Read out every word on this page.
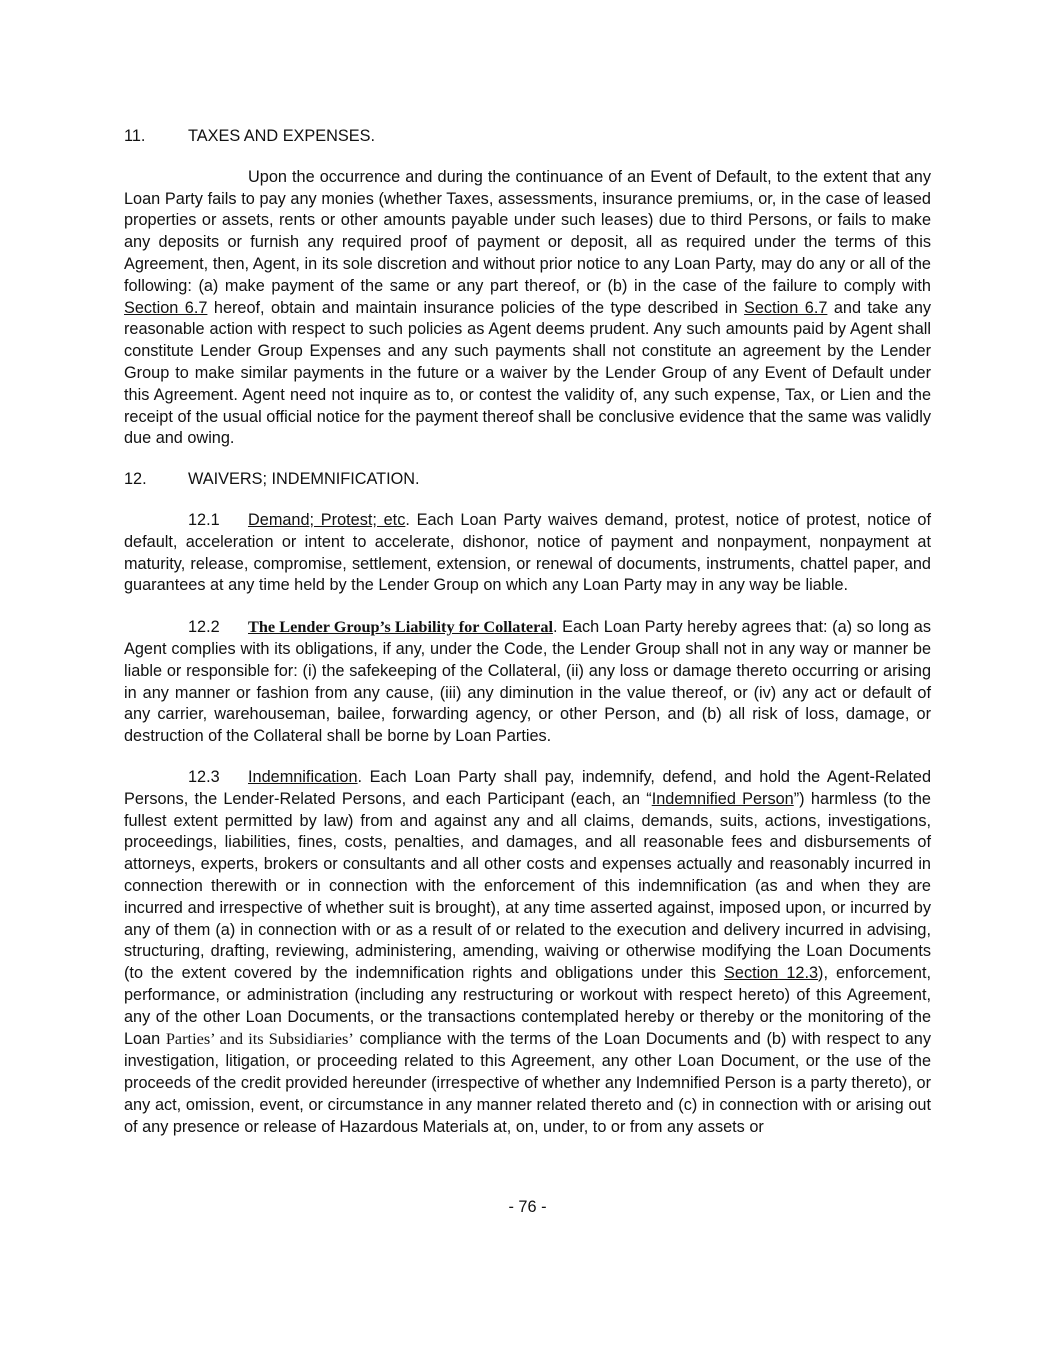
11.	TAXES AND EXPENSES.

Upon the occurrence and during the continuance of an Event of Default, to the extent that any Loan Party fails to pay any monies (whether Taxes, assessments, insurance premiums, or, in the case of leased properties or assets, rents or other amounts payable under such leases) due to third Persons, or fails to make any deposits or furnish any required proof of payment or deposit, all as required under the terms of this Agreement, then, Agent, in its sole discretion and without prior notice to any Loan Party, may do any or all of the following: (a) make payment of the same or any part thereof, or (b) in the case of the failure to comply with Section 6.7 hereof, obtain and maintain insurance policies of the type described in Section 6.7 and take any reasonable action with respect to such policies as Agent deems prudent. Any such amounts paid by Agent shall constitute Lender Group Expenses and any such payments shall not constitute an agreement by the Lender Group to make similar payments in the future or a waiver by the Lender Group of any Event of Default under this Agreement. Agent need not inquire as to, or contest the validity of, any such expense, Tax, or Lien and the receipt of the usual official notice for the payment thereof shall be conclusive evidence that the same was validly due and owing.

12.	WAIVERS; INDEMNIFICATION.

12.1 Demand; Protest; etc. Each Loan Party waives demand, protest, notice of protest, notice of default, acceleration or intent to accelerate, dishonor, notice of payment and nonpayment, nonpayment at maturity, release, compromise, settlement, extension, or renewal of documents, instruments, chattel paper, and guarantees at any time held by the Lender Group on which any Loan Party may in any way be liable.

12.2 The Lender Group’s Liability for Collateral. Each Loan Party hereby agrees that: (a) so long as Agent complies with its obligations, if any, under the Code, the Lender Group shall not in any way or manner be liable or responsible for: (i) the safekeeping of the Collateral, (ii) any loss or damage thereto occurring or arising in any manner or fashion from any cause, (iii) any diminution in the value thereof, or (iv) any act or default of any carrier, warehouseman, bailee, forwarding agency, or other Person, and (b) all risk of loss, damage, or destruction of the Collateral shall be borne by Loan Parties.

12.3 Indemnification. Each Loan Party shall pay, indemnify, defend, and hold the Agent-Related Persons, the Lender-Related Persons, and each Participant (each, an “Indemnified Person”) harmless (to the fullest extent permitted by law) from and against any and all claims, demands, suits, actions, investigations, proceedings, liabilities, fines, costs, penalties, and damages, and all reasonable fees and disbursements of attorneys, experts, brokers or consultants and all other costs and expenses actually and reasonably incurred in connection therewith or in connection with the enforcement of this indemnification (as and when they are incurred and irrespective of whether suit is brought), at any time asserted against, imposed upon, or incurred by any of them (a) in connection with or as a result of or related to the execution and delivery incurred in advising, structuring, drafting, reviewing, administering, amending, waiving or otherwise modifying the Loan Documents (to the extent covered by the indemnification rights and obligations under this Section 12.3), enforcement, performance, or administration (including any restructuring or workout with respect hereto) of this Agreement, any of the other Loan Documents, or the transactions contemplated hereby or thereby or the monitoring of the Loan Parties’ and its Subsidiaries’ compliance with the terms of the Loan Documents and (b) with respect to any investigation, litigation, or proceeding related to this Agreement, any other Loan Document, or the use of the proceeds of the credit provided hereunder (irrespective of whether any Indemnified Person is a party thereto), or any act, omission, event, or circumstance in any manner related thereto and (c) in connection with or arising out of any presence or release of Hazardous Materials at, on, under, to or from any assets or

- 76 -
